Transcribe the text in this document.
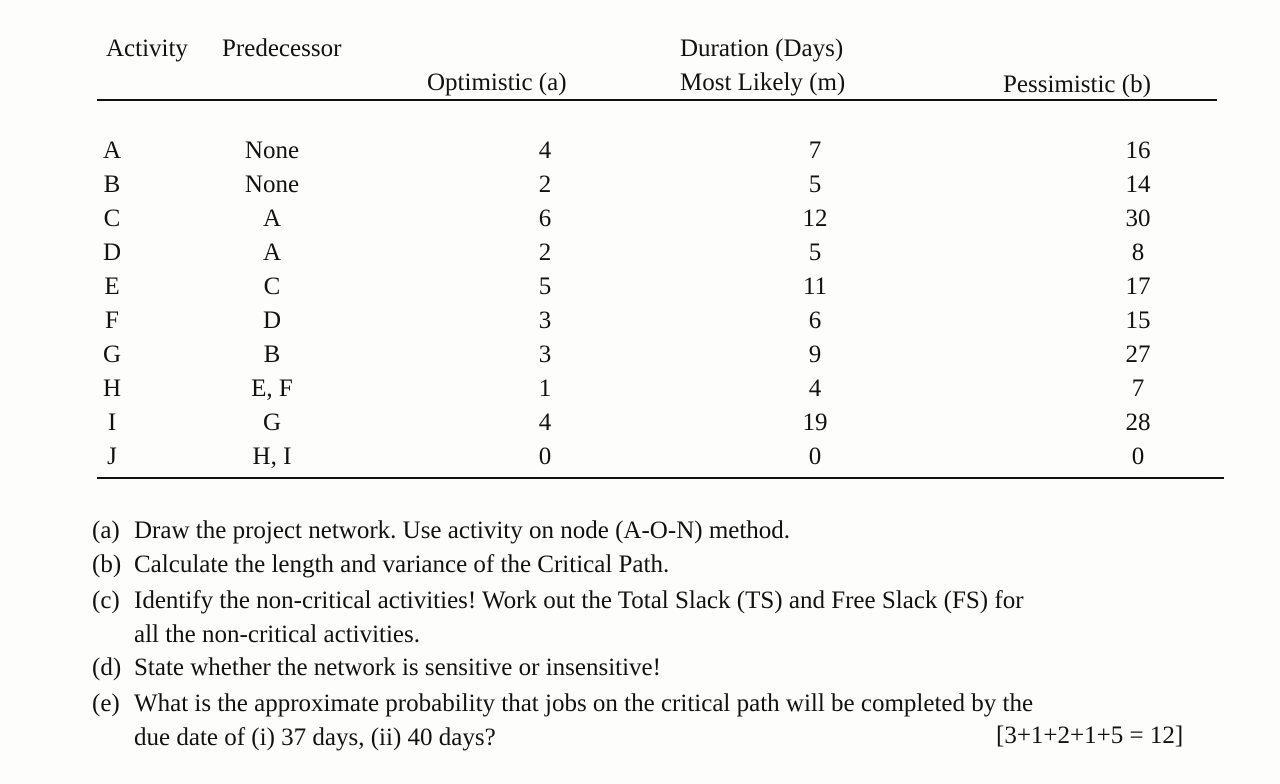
Activity Predecessor	Duration (Days)
Optimistic (a)	Most Likely (m)	Pessimistic (b)
A	None	4	7	16
B	None	2	5	14
C	A	6	12	30
D	A	2	5	8
E	C	5	11	17
F	D	3	6	15
G	B	3	9	27
H	E, F	1	4	7
I	G	4	19	28
J	H, I	0	0	0
(a) Draw the project network. Use activity on node (A-O-N) method.
(b) Calculate the length and variance of the Critical Path.
(c) Identify the non-critical activities! Work out the Total Slack (TS) and Free Slack (FS) for
all the non-critical activities.
(d) State whether the network is sensitive or insensitive!
(e) What is the approximate probability that jobs on the critical path will be completed by the
due date of (i) 37 days, (ii) 40 days?	[3+1+2+1+5 = 12]
